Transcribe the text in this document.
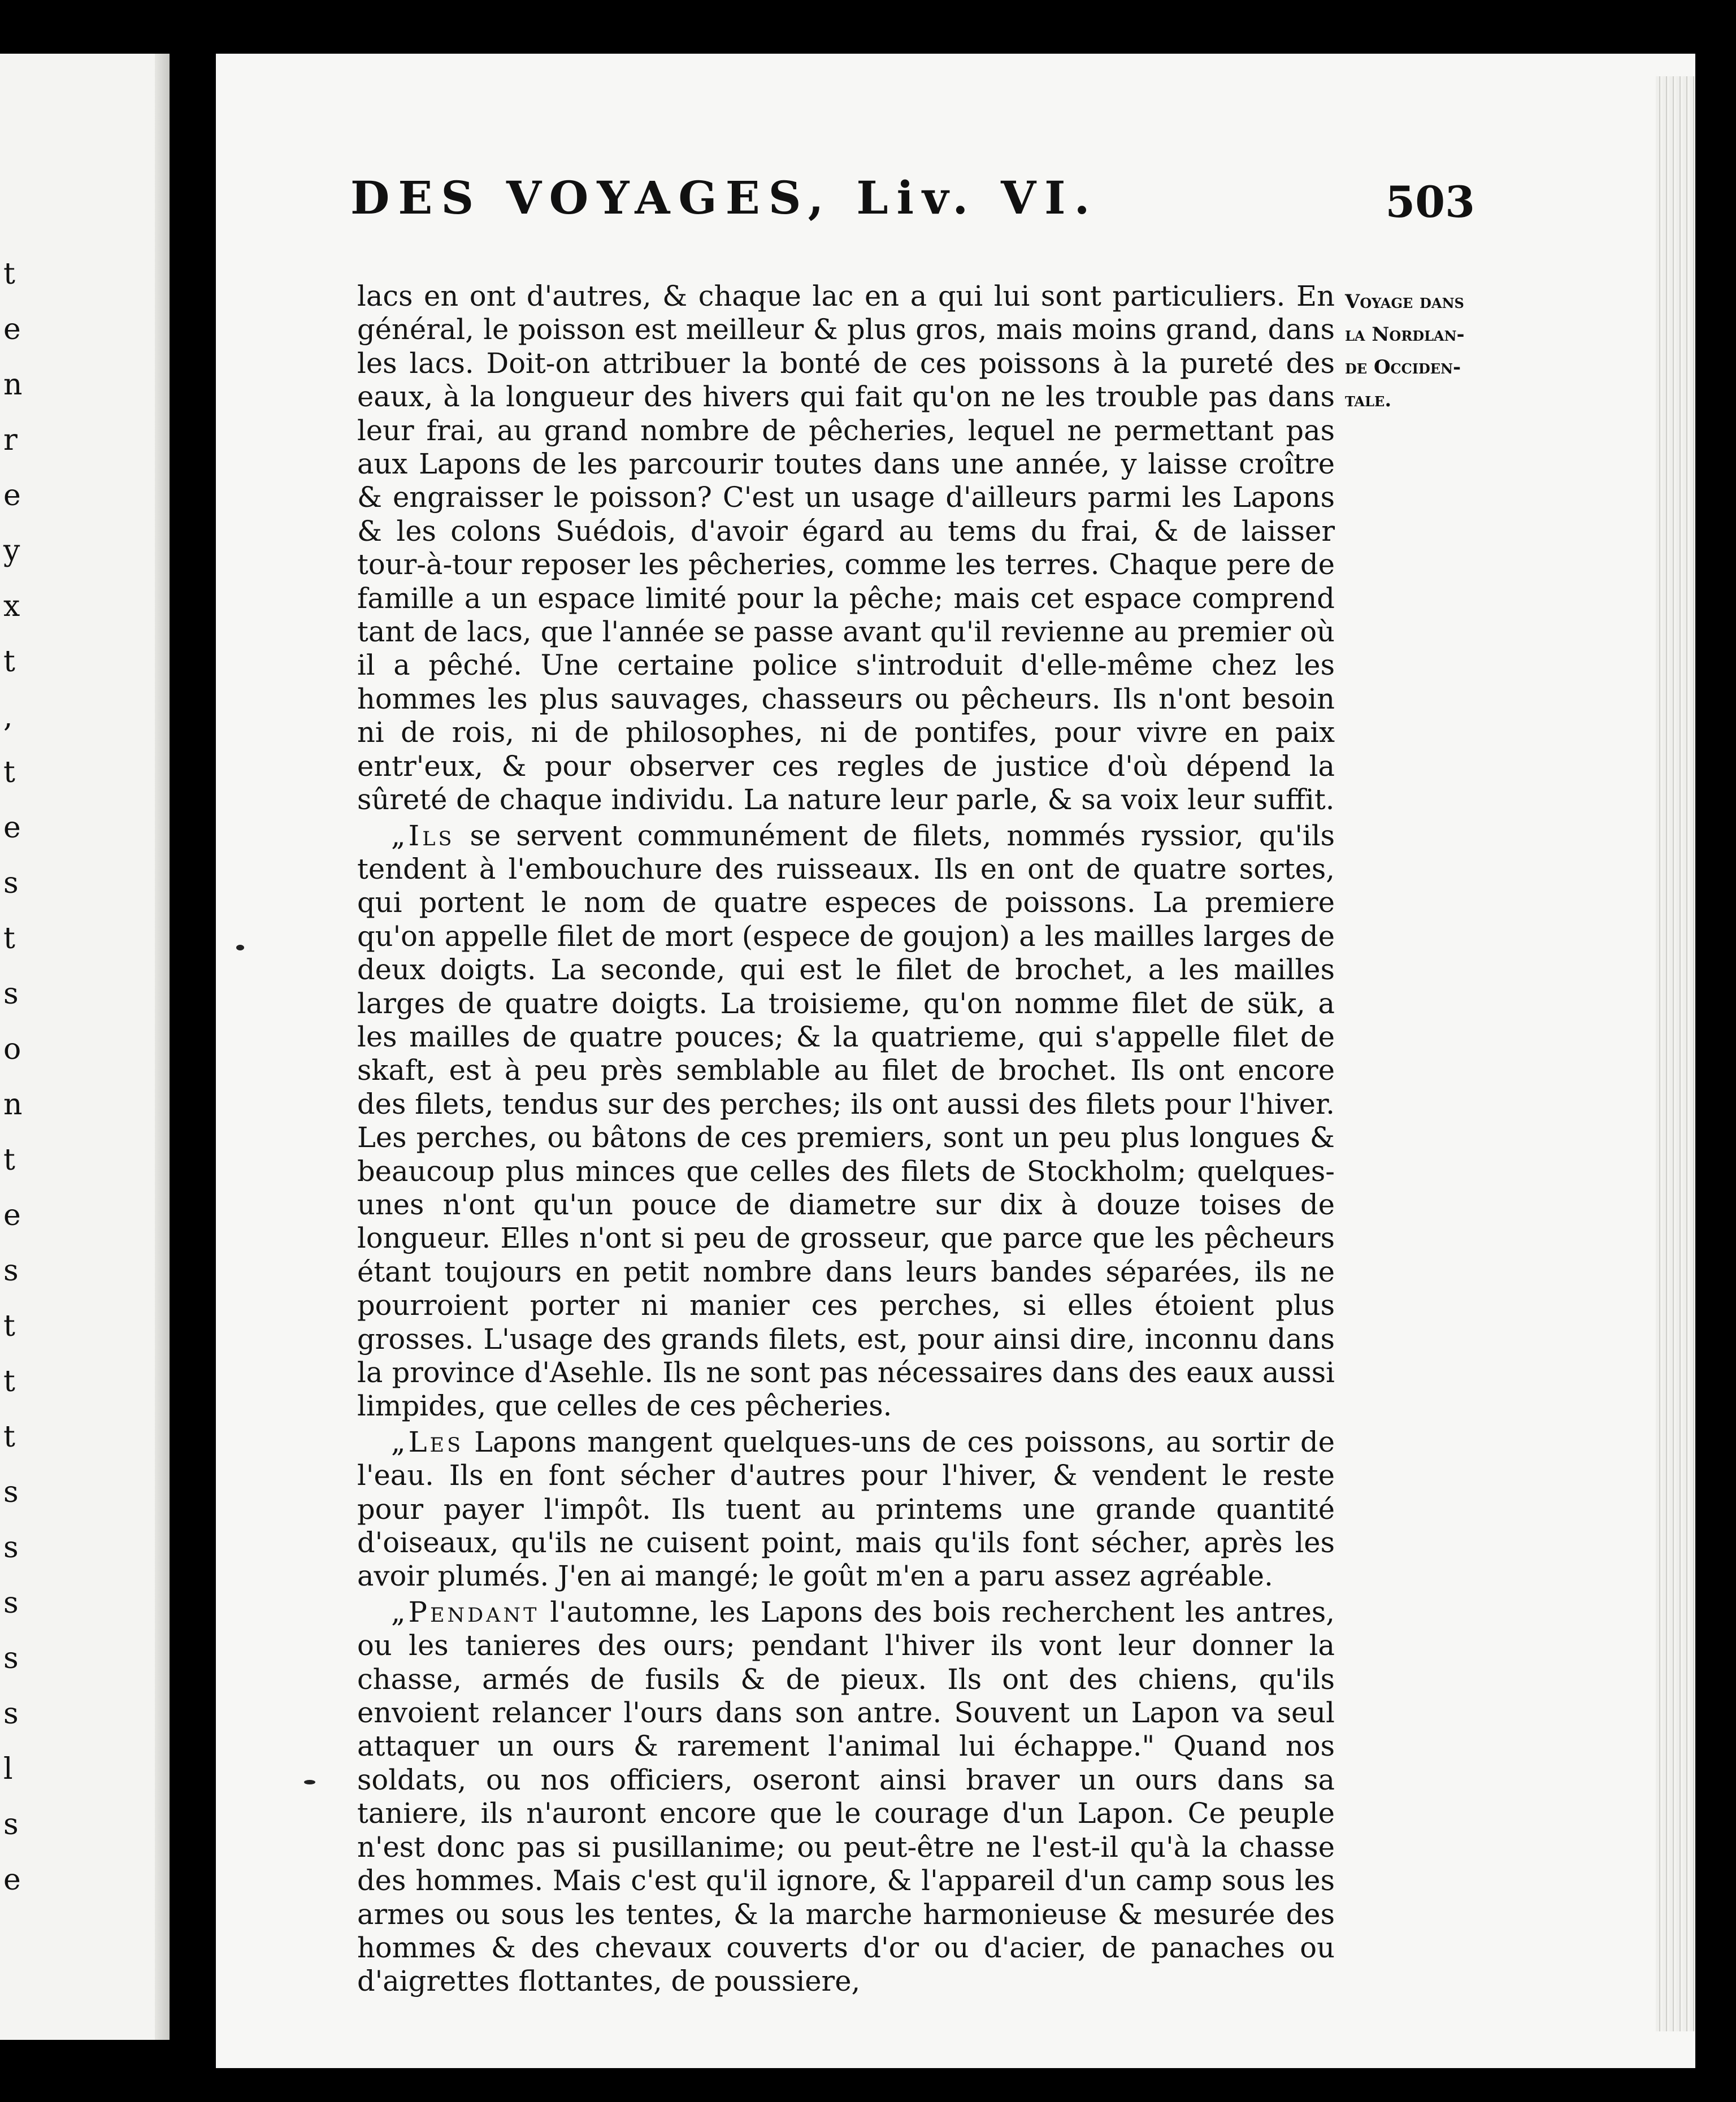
t
e
n
r
e
y
x
t
,
t
e
s
t
s
o
n
t
e
s
t
t
t
s
s
s
s
s
l
s
e
DES VOYAGES, Liv. VI.	503
Voyage dans
la Nordlan-
de Occiden-
tale.

lacs en ont d'autres, & chaque lac en a qui lui sont particuliers. En général, le poisson est meilleur & plus gros, mais moins grand, dans les lacs. Doit-on attribuer la bonté de ces poissons à la pureté des eaux, à la longueur des hivers qui fait qu'on ne les trouble pas dans leur frai, au grand nombre de pêcheries, lequel ne permettant pas aux Lapons de les parcourir toutes dans une année, y laisse croître & engraisser le poisson? C'est un usage d'ailleurs parmi les Lapons & les colons Suédois, d'avoir égard au tems du frai, & de laisser tour-à-tour reposer les pêcheries, comme les terres. Chaque pere de famille a un espace limité pour la pêche; mais cet espace comprend tant de lacs, que l'année se passe avant qu'il revienne au premier où il a pêché. Une certaine police s'introduit d'elle-même chez les hommes les plus sauvages, chasseurs ou pêcheurs. Ils n'ont besoin ni de rois, ni de philosophes, ni de pontifes, pour vivre en paix entr'eux, & pour observer ces regles de justice d'où dépend la sûreté de chaque individu. La nature leur parle, & sa voix leur suffit.

„Ils se servent communément de filets, nommés ryssior, qu'ils tendent à l'embouchure des ruisseaux. Ils en ont de quatre sortes, qui portent le nom de quatre especes de poissons. La premiere qu'on appelle filet de mort (espece de goujon) a les mailles larges de deux doigts. La seconde, qui est le filet de brochet, a les mailles larges de quatre doigts. La troisieme, qu'on nomme filet de sük, a les mailles de quatre pouces; & la quatrieme, qui s'appelle filet de skaft, est à peu près semblable au filet de brochet. Ils ont encore des filets, tendus sur des perches; ils ont aussi des filets pour l'hiver. Les perches, ou bâtons de ces premiers, sont un peu plus longues & beaucoup plus minces que celles des filets de Stockholm; quelques-unes n'ont qu'un pouce de diametre sur dix à douze toises de longueur. Elles n'ont si peu de grosseur, que parce que les pêcheurs étant toujours en petit nombre dans leurs bandes séparées, ils ne pourroient porter ni manier ces perches, si elles étoient plus grosses. L'usage des grands filets, est, pour ainsi dire, inconnu dans la province d'Asehle. Ils ne sont pas nécessaires dans des eaux aussi limpides, que celles de ces pêcheries.

„Les Lapons mangent quelques-uns de ces poissons, au sortir de l'eau. Ils en font sécher d'autres pour l'hiver, & vendent le reste pour payer l'impôt. Ils tuent au printems une grande quantité d'oiseaux, qu'ils ne cuisent point, mais qu'ils font sécher, après les avoir plumés. J'en ai mangé; le goût m'en a paru assez agréable.

„Pendant l'automne, les Lapons des bois recherchent les antres, ou les tanieres des ours; pendant l'hiver ils vont leur donner la chasse, armés de fusils & de pieux. Ils ont des chiens, qu'ils envoient relancer l'ours dans son antre. Souvent un Lapon va seul attaquer un ours & rarement l'animal lui échappe." Quand nos soldats, ou nos officiers, oseront ainsi braver un ours dans sa taniere, ils n'auront encore que le courage d'un Lapon. Ce peuple n'est donc pas si pusillanime; ou peut-être ne l'est-il qu'à la chasse des hommes. Mais c'est qu'il ignore, & l'appareil d'un camp sous les armes ou sous les tentes, & la marche harmonieuse & mesurée des hommes & des chevaux couverts d'or ou d'acier, de panaches ou d'aigrettes flottantes, de poussiere,
